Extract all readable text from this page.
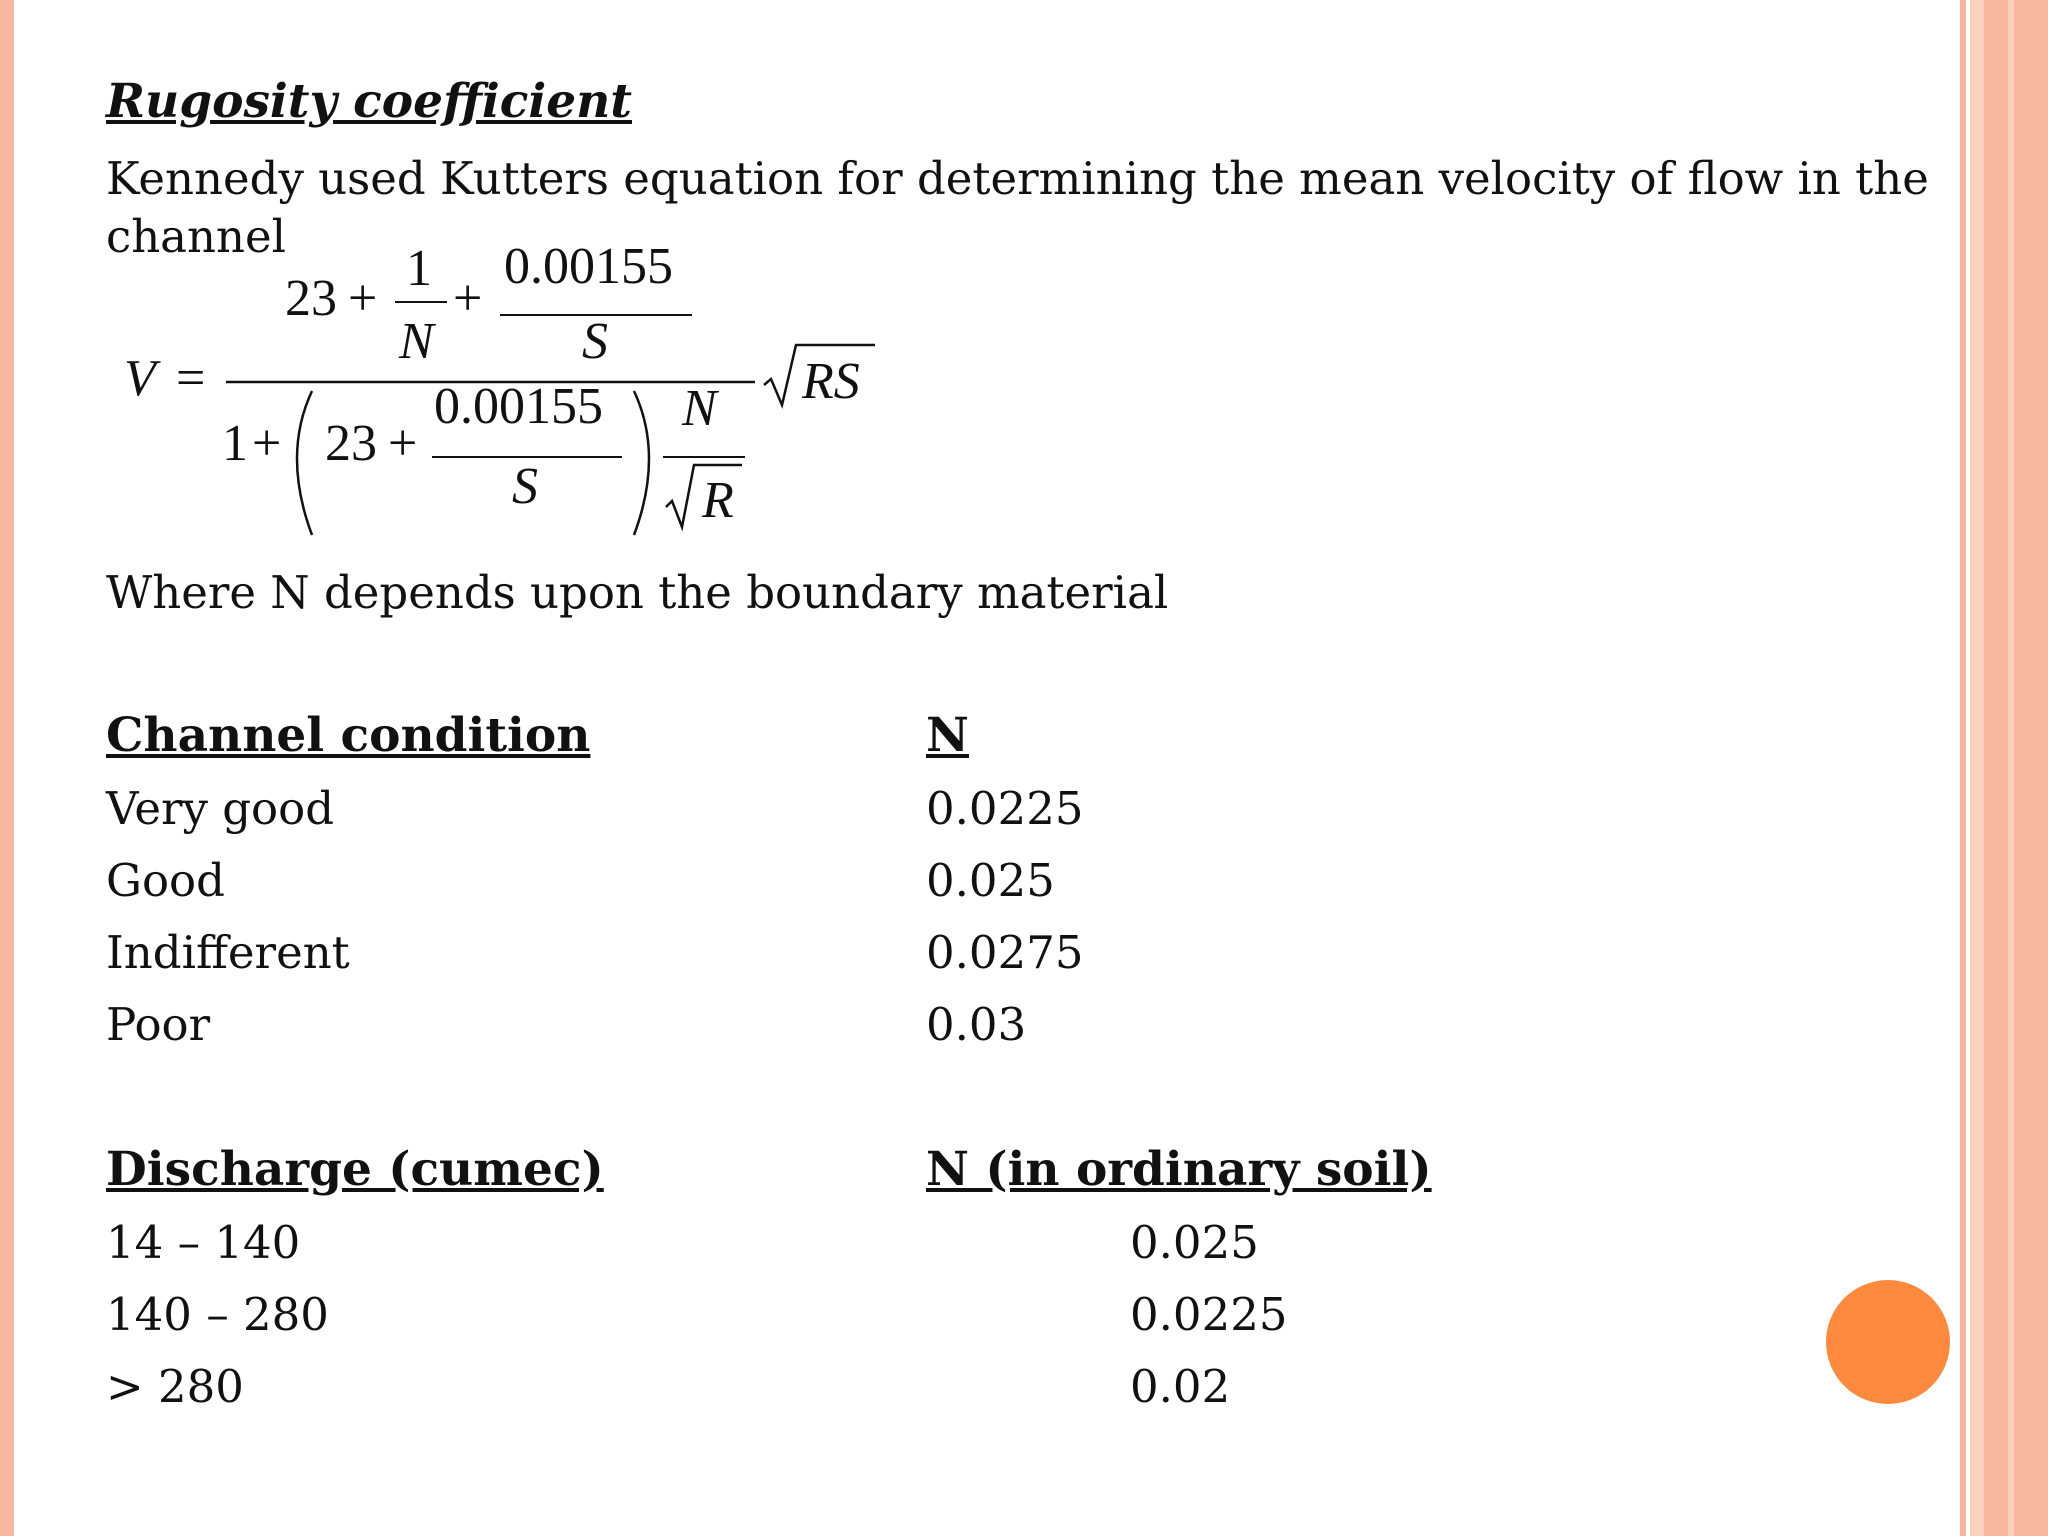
Rugosity coefficient
Kennedy used Kutters equation for determining the mean velocity of flow in the channel
Where N depends upon the boundary material
V =
23 +
1
N
+
0.00155
S
RS
1 + 23 +
0.00155
S
N
R
Channel condition	N
Very good	0.0225
Good	0.025
Indifferent	0.0275
Poor	0.03
Discharge (cumec)	N (in ordinary soil)
14 – 140	0.025
140 – 280	0.0225
> 280	0.02
